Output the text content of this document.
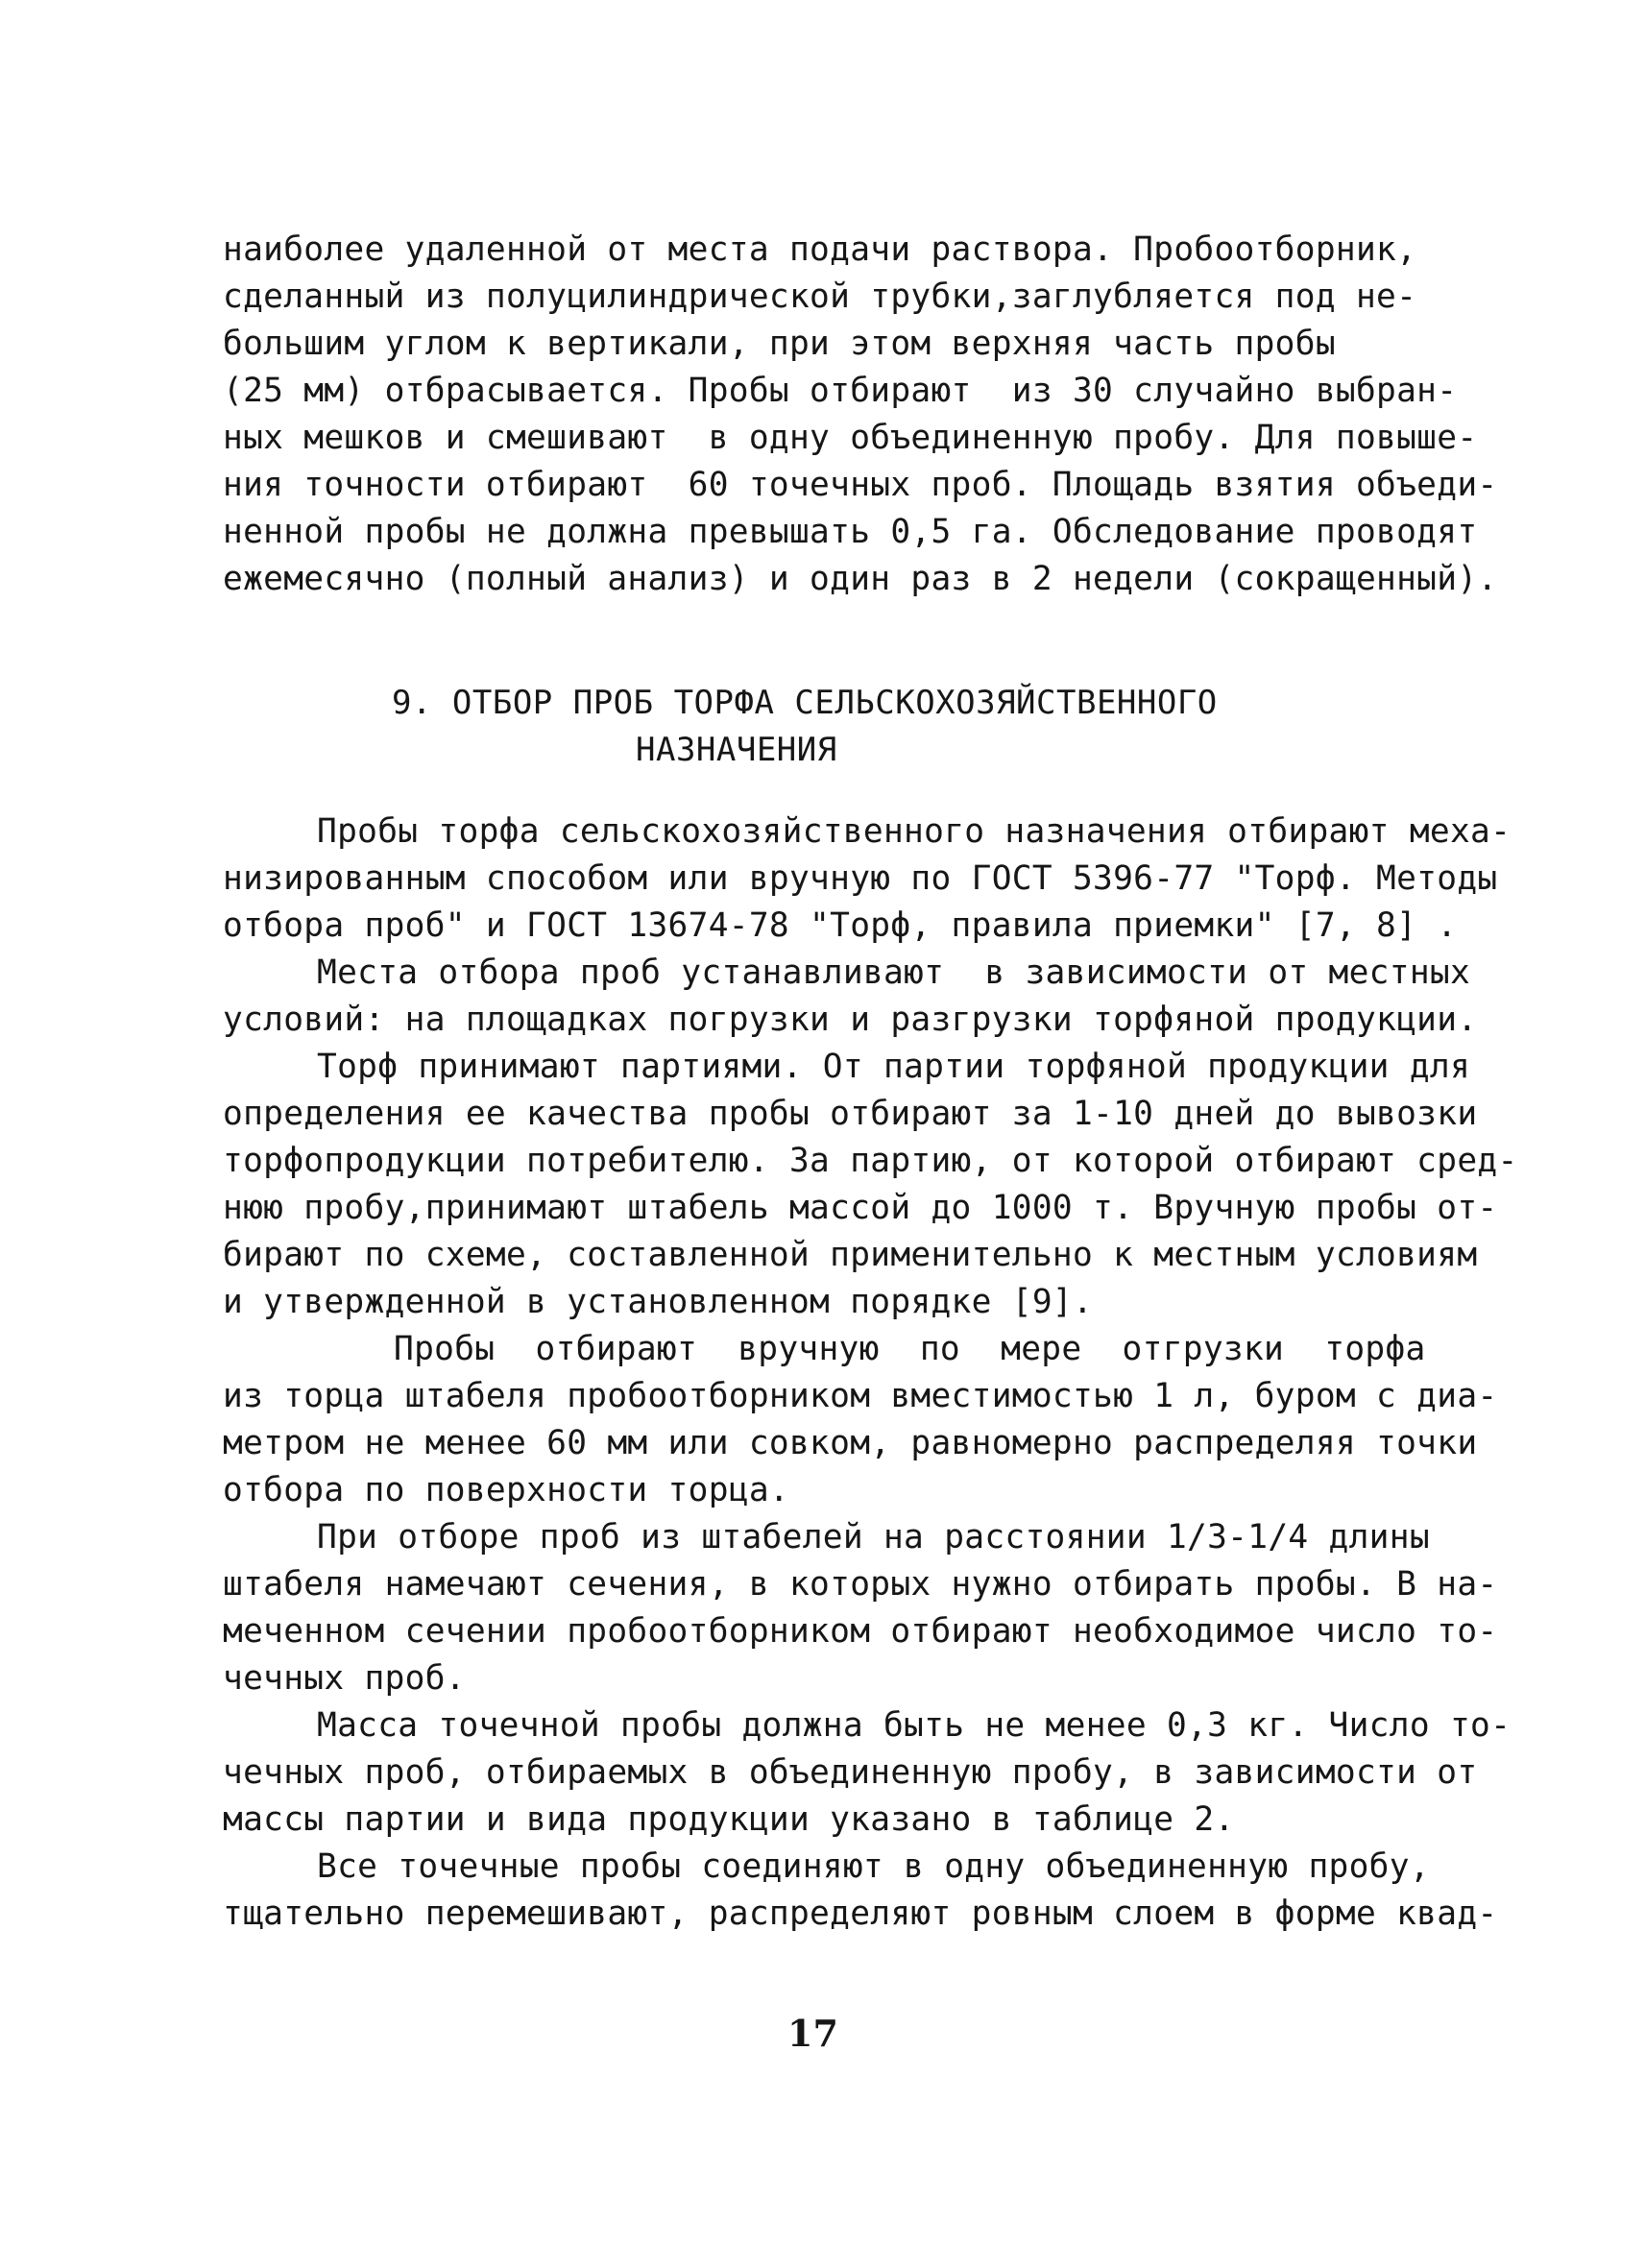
наиболее удаленной от места подачи раствора. Пробоотборник,
сделанный из полуцилиндрической трубки,заглубляется под не-
большим углом к вертикали, при этом верхняя часть пробы
(25 мм) отбрасывается. Пробы отбирают  из 30 случайно выбран-
ных мешков и смешивают  в одну объединенную пробу. Для повыше-
ния точности отбирают  60 точечных проб. Площадь взятия объеди-
ненной пробы не должна превышать 0,5 га. Обследование проводят
ежемесячно (полный анализ) и один раз в 2 недели (сокращенный).
9. ОТБОР ПРОБ ТОРФА СЕЛЬСКОХОЗЯЙСТВЕННОГО
НАЗНАЧЕНИЯ
Пробы торфа сельскохозяйственного назначения отбирают меха-
низированным способом или вручную по ГОСТ 5396-77 "Торф. Методы
отбора проб" и ГОСТ 13674-78 "Торф, правила приемки" [7, 8] .
Места отбора проб устанавливают  в зависимости от местных
условий: на площадках погрузки и разгрузки торфяной продукции.
Торф принимают партиями. От партии торфяной продукции для
определения ее качества пробы отбирают за 1-10 дней до вывозки
торфопродукции потребителю. За партию, от которой отбирают сред-
нюю пробу,принимают штабель массой до 1000 т. Вручную пробы от-
бирают по схеме, составленной применительно к местным условиям
и утвержденной в установленном порядке [9].
Пробы  отбирают  вручную  по  мере  отгрузки  торфа
из торца штабеля пробоотборником вместимостью 1 л, буром с диа-
метром не менее 60 мм или совком, равномерно распределяя точки
отбора по поверхности торца.
При отборе проб из штабелей на расстоянии 1/3-1/4 длины
штабеля намечают сечения, в которых нужно отбирать пробы. В на-
меченном сечении пробоотборником отбирают необходимое число то-
чечных проб.
Масса точечной пробы должна быть не менее 0,3 кг. Число то-
чечных проб, отбираемых в объединенную пробу, в зависимости от
массы партии и вида продукции указано в таблице 2.
Все точечные пробы соединяют в одну объединенную пробу,
тщательно перемешивают, распределяют ровным слоем в форме квад-
17
